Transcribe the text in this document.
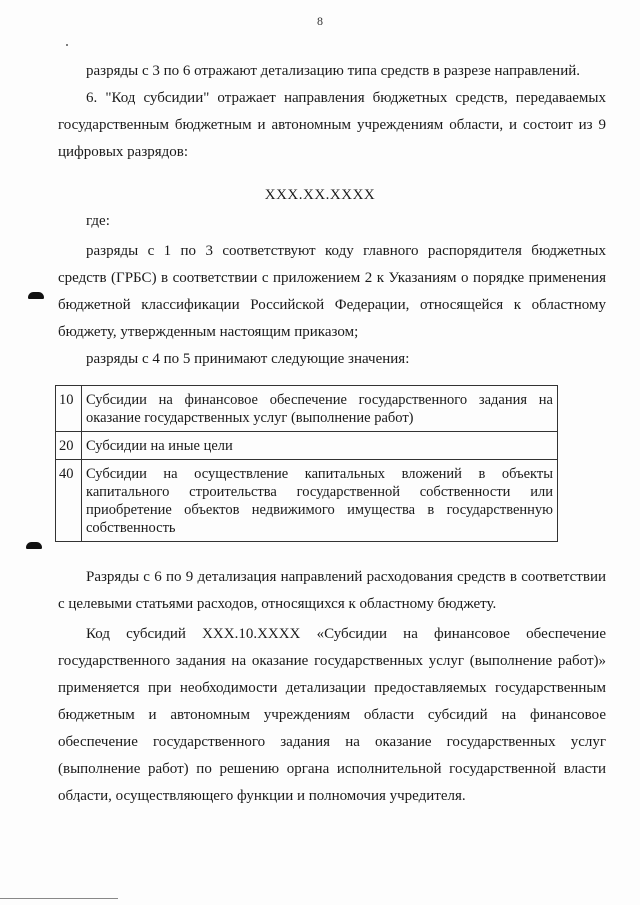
8

разряды с 3 по 6 отражают детализацию типа средств в разрезе направлений.

6. "Код субсидии" отражает направления бюджетных средств, передаваемых государственным бюджетным и автономным учреждениям области, и состоит из 9 цифровых разрядов:

XXX.XX.XXXX

где:

разряды с 1 по 3 соответствуют коду главного распорядителя бюджетных средств (ГРБС) в соответствии с приложением 2 к Указаниям о порядке применения бюджетной классификации Российской Федерации, относящейся к областному бюджету, утвержденным настоящим приказом;

разряды с 4 по 5 принимают следующие значения:

10	Субсидии на финансовое обеспечение государственного задания на оказание государственных услуг (выполнение работ)
20	Субсидии на иные цели
40	Субсидии на осуществление капитальных вложений в объекты капитального строительства государственной собственности или приобретение объектов недвижимого имущества в государственную собственность

Разряды с 6 по 9 детализация направлений расходования средств в соответствии с целевыми статьями расходов, относящихся к областному бюджету.

Код субсидий XXX.10.XXXX «Субсидии на финансовое обеспечение государственного задания на оказание государственных услуг (выполнение работ)» применяется при необходимости детализации предоставляемых государственным бюджетным и автономным учреждениям области субсидий на финансовое обеспечение государственного задания на оказание государственных услуг (выполнение работ) по решению органа исполнительной государственной власти области, осуществляющего функции и полномочия учредителя.
